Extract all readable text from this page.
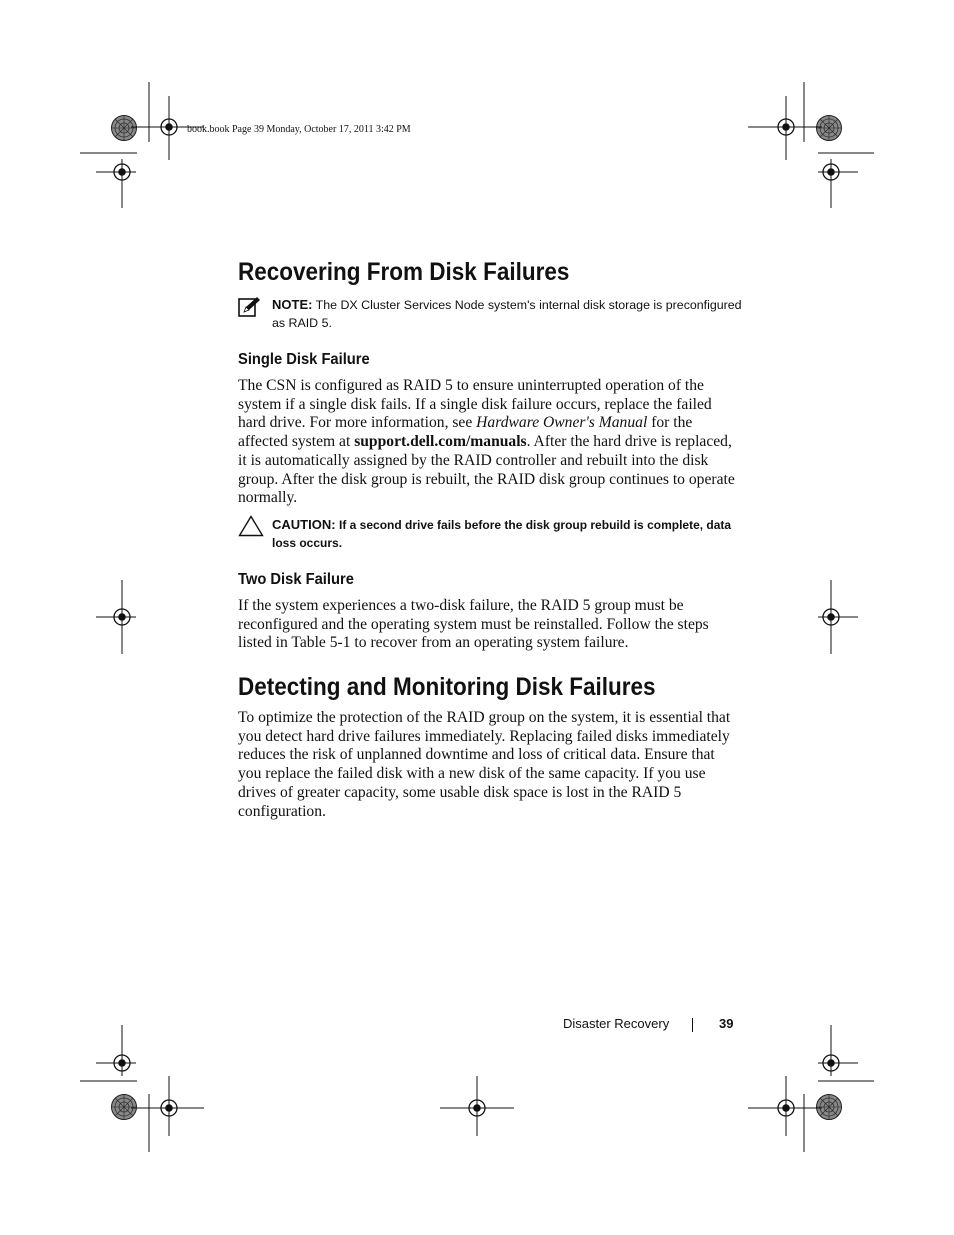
book.book Page 39 Monday, October 17, 2011 3:42 PM
Recovering From Disk Failures
NOTE: The DX Cluster Services Node system's internal disk storage is preconfigured as RAID 5.
Single Disk Failure

The CSN is configured as RAID 5 to ensure uninterrupted operation of the system if a single disk fails. If a single disk failure occurs, replace the failed hard drive. For more information, see Hardware Owner's Manual for the affected system at support.dell.com/manuals. After the hard drive is replaced, it is automatically assigned by the RAID controller and rebuilt into the disk group. After the disk group is rebuilt, the RAID disk group continues to operate normally.

CAUTION: If a second drive fails before the disk group rebuild is complete, data loss occurs.
Two Disk Failure

If the system experiences a two-disk failure, the RAID 5 group must be reconfigured and the operating system must be reinstalled. Follow the steps listed in Table 5-1 to recover from an operating system failure.

Detecting and Monitoring Disk Failures

To optimize the protection of the RAID group on the system, it is essential that you detect hard drive failures immediately. Replacing failed disks immediately reduces the risk of unplanned downtime and loss of critical data. Ensure that you replace the failed disk with a new disk of the same capacity. If you use drives of greater capacity, some usable disk space is lost in the RAID 5 configuration.

Disaster Recovery	39
